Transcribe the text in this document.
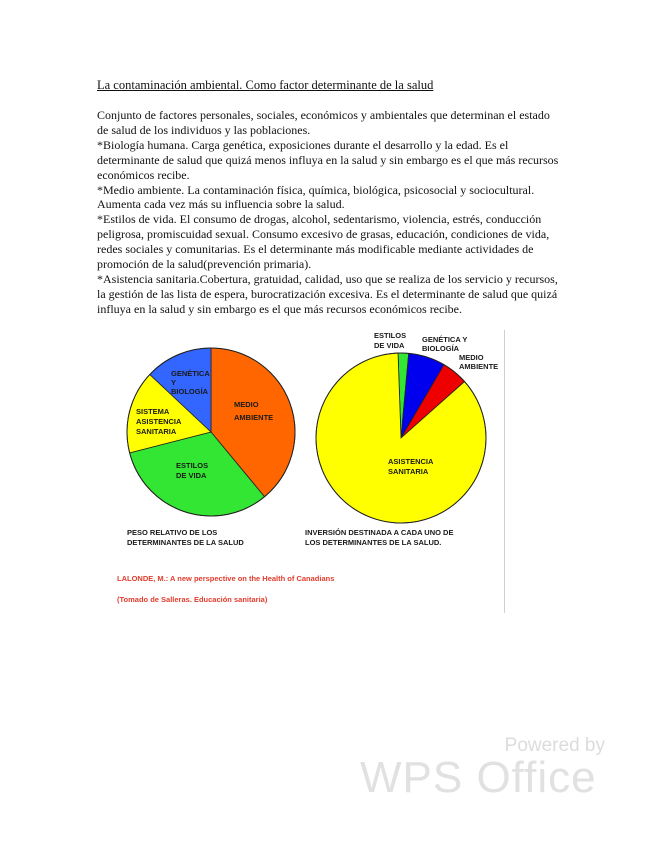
La contaminación ambiental. Como factor determinante de la salud

Conjunto de factores personales, sociales, económicos y ambientales que determinan el estado de salud de los individuos y las poblaciones.

*Biología humana. Carga genética, exposiciones durante el desarrollo y la edad. Es el determinante de salud que quizá menos influya en la salud y sin embargo es el que más recursos económicos recibe.

*Medio ambiente. La contaminación física, química, biológica, psicosocial y sociocultural. Aumenta cada vez más su influencia sobre la salud.

*Estilos de vida. El consumo de drogas, alcohol, sedentarismo, violencia, estrés, conducción peligrosa, promiscuidad sexual. Consumo excesivo de grasas, educación, condiciones de vida, redes sociales y comunitarias. Es el determinante más modificable mediante actividades de promoción de la salud(prevención primaria).

*Asistencia sanitaria.Cobertura, gratuidad, calidad, uso que se realiza de los servicio y recursos, la gestión de las lista de espera, burocratización excesiva. Es el determinante de salud que quizá influya en la salud y sin embargo es el que más recursos económicos recibe.

GENÉTICA
Y
BIOLOGÍA
MEDIO
AMBIENTE
SISTEMA
ASISTENCIA
SANITARIA
ESTILOS
DE VIDA
ESTILOS
DE VIDA
GENÉTICA Y
BIOLOGÍA
MEDIO
AMBIENTE
ASISTENCIA
SANITARIA
PESO RELATIVO DE LOS
DETERMINANTES DE LA SALUD
INVERSIÓN DESTINADA A CADA UNO DE
LOS DETERMINANTES DE LA SALUD.
LALONDE, M.: A new perspective on the Health of Canadians
(Tomado de Salleras. Educación sanitaria)
Powered by
WPS Office
